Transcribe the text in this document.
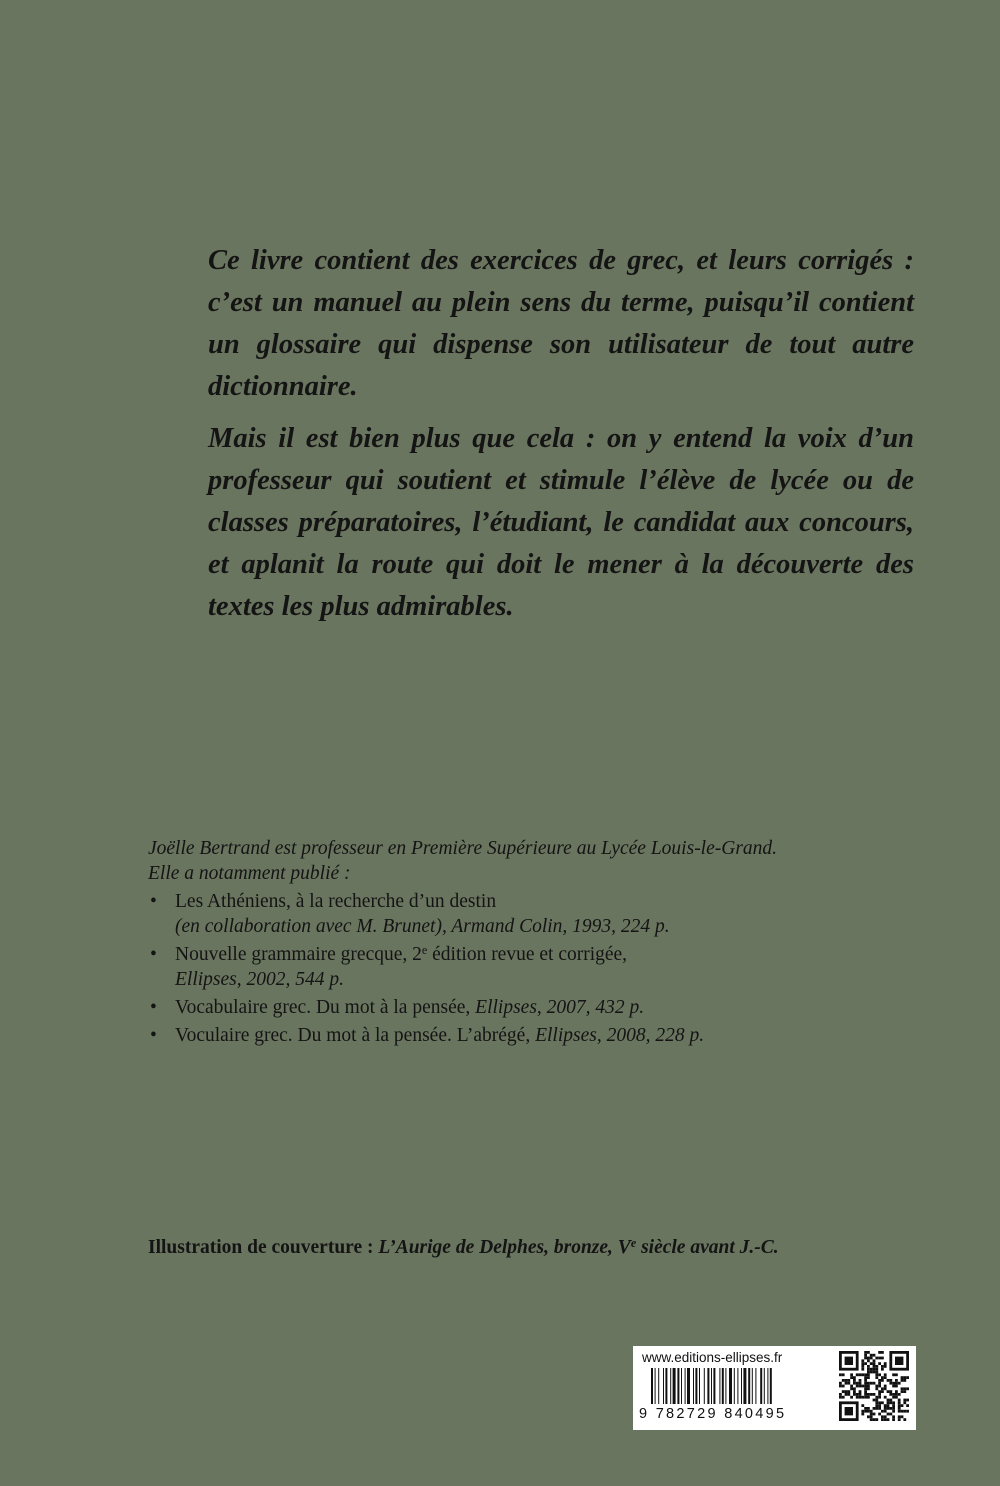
Ce livre contient des exercices de grec, et leurs corrigés : c’est un manuel au plein sens du terme, puisqu’il contient un glossaire qui dispense son utilisateur de tout autre dictionnaire.

Mais il est bien plus que cela : on y entend la voix d’un professeur qui soutient et stimule l’élève de lycée ou de classes préparatoires, l’étudiant, le candidat aux concours, et aplanit la route qui doit le mener à la découverte des textes les plus admirables.

Joëlle Bertrand est professeur en Première Supérieure au Lycée Louis-le-Grand.
Elle a notamment publié :

• Les Athéniens, à la recherche d’un destin
(en collaboration avec M. Brunet), Armand Colin, 1993, 224 p.
• Nouvelle grammaire grecque, 2e édition revue et corrigée,
Ellipses, 2002, 544 p.
• Vocabulaire grec. Du mot à la pensée, Ellipses, 2007, 432 p.
• Voculaire grec. Du mot à la pensée. L’abrégé, Ellipses, 2008, 228 p.
Illustration de couverture : L’Aurige de Delphes, bronze, Ve siècle avant J.-C.
www.editions-ellipses.fr
9 782729 840495
